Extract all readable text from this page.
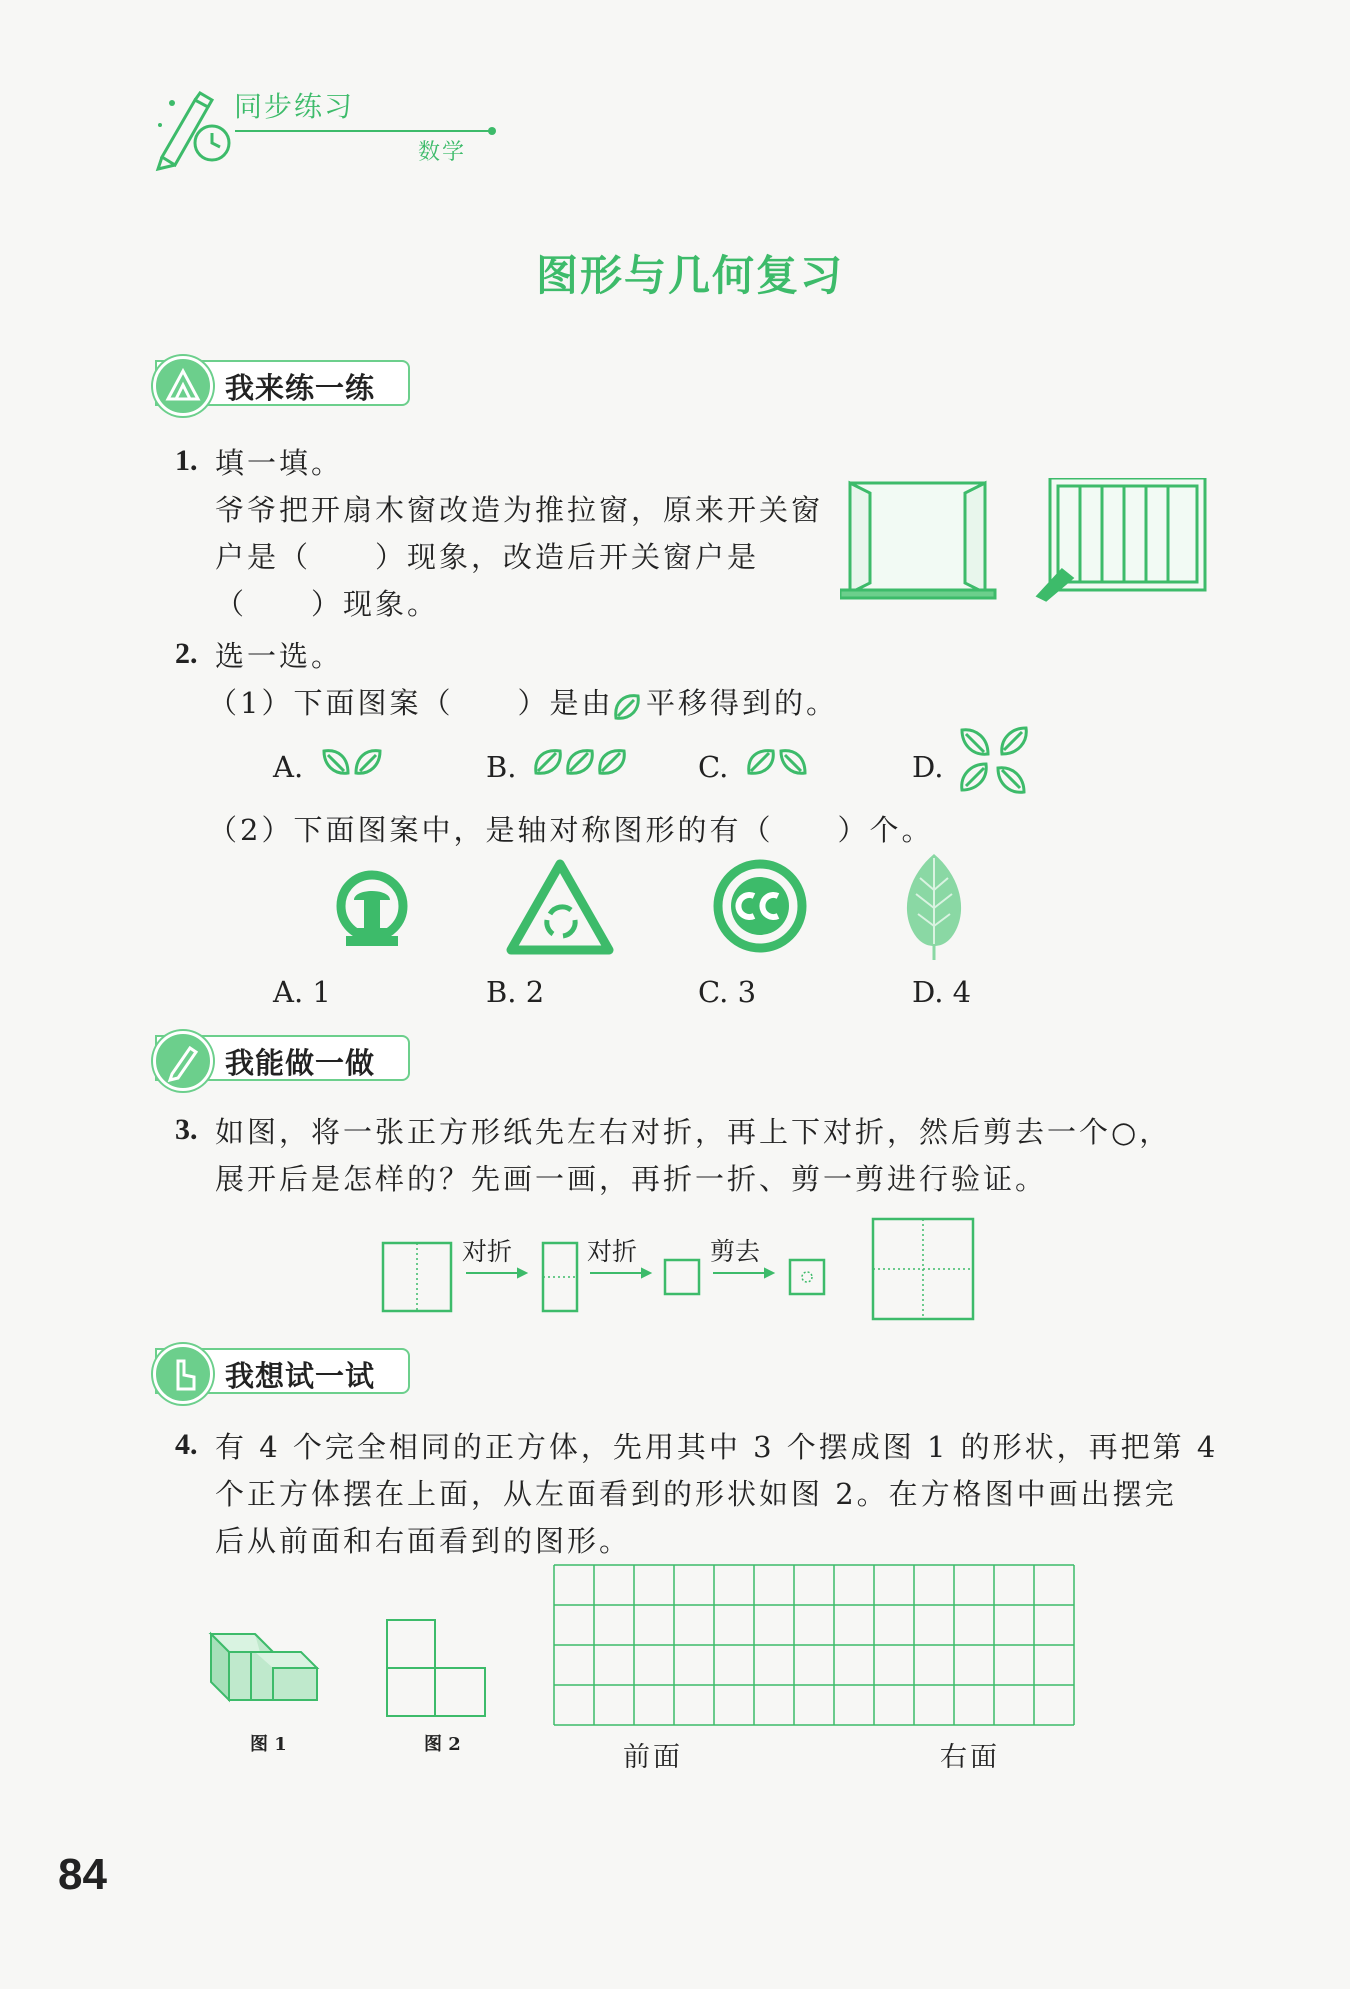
同步练习
数学
图形与几何复习
我来练一练
1. 填一填。
爷爷把开扇木窗改造为推拉窗，原来开关窗
户是（　　）现象，改造后开关窗户是
（　　）现象。
2. 选一选。
（1）下面图案（　　）是由 平移得到的。
A.	B.	C.	D.
（2）下面图案中，是轴对称图形的有（　　）个。
A. 1	B. 2	C. 3	D. 4
我能做一做
3. 如图，将一张正方形纸先左右对折，再上下对折，然后剪去一个○，
展开后是怎样的？先画一画，再折一折、剪一剪进行验证。
对折	对折	剪去
我想试一试
4. 有 4 个完全相同的正方体，先用其中 3 个摆成图 1 的形状，再把第 4
个正方体摆在上面，从左面看到的形状如图 2。在方格图中画出摆完
后从前面和右面看到的图形。
图 1	图 2	前面	右面
84
